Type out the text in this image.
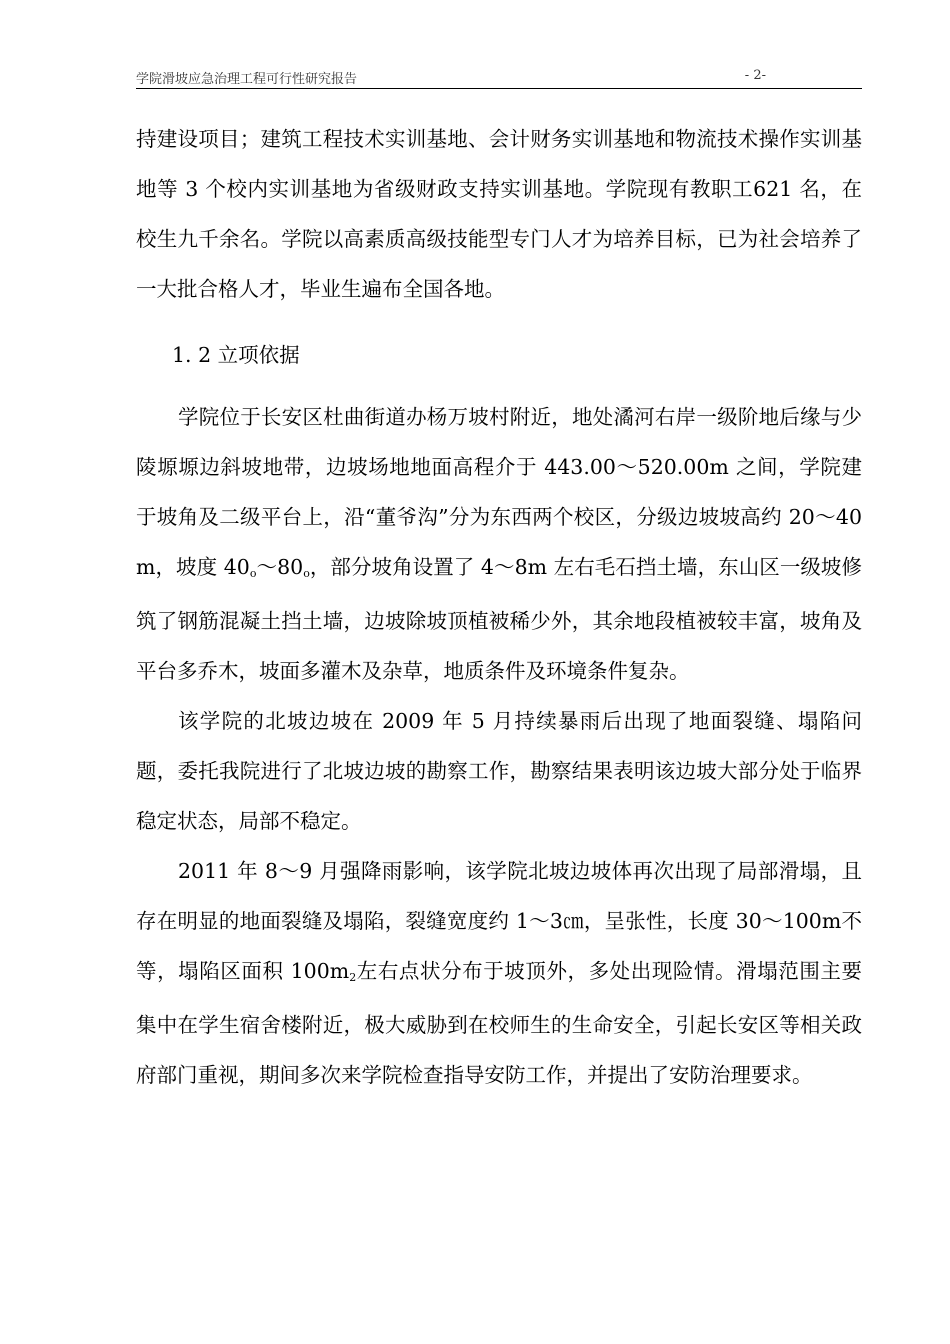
学院滑坡应急治理工程可行性研究报告	- 2-

持建设项目；建筑工程技术实训基地、会计财务实训基地和物流技术操作实训基地等 3 个校内实训基地为省级财政支持实训基地。学院现有教职工621 名，在校生九千余名。学院以高素质高级技能型专门人才为培养目标，已为社会培养了一大批合格人才，毕业生遍布全国各地。

1. 2 立项依据

学院位于长安区杜曲街道办杨万坡村附近，地处潏河右岸一级阶地后缘与少陵塬塬边斜坡地带，边坡场地地面高程介于 443.00～520.00m 之间，学院建于坡角及二级平台上，沿“董爷沟”分为东西两个校区，分级边坡坡高约 20～40m，坡度 $40_o\sim 80_o$，部分坡角设置了 4～8m 左右毛石挡土墙，东山区一级坡修筑了钢筋混凝土挡土墙，边坡除坡顶植被稀少外，其余地段植被较丰富，坡角及平台多乔木，坡面多灌木及杂草，地质条件及环境条件复杂。

该学院的北坡边坡在 2009 年 5 月持续暴雨后出现了地面裂缝、塌陷问题，委托我院进行了北坡边坡的勘察工作，勘察结果表明该边坡大部分处于临界稳定状态，局部不稳定。

2011 年 8～9 月强降雨影响，该学院北坡边坡体再次出现了局部滑塌，且存在明显的地面裂缝及塌陷，裂缝宽度约 1～3㎝，呈张性，长度 30～100m不等，塌陷区面积 $100m_2$左右点状分布于坡顶外，多处出现险情。滑塌范围主要集中在学生宿舍楼附近，极大威胁到在校师生的生命安全，引起长安区等相关政府部门重视，期间多次来学院检查指导安防工作，并提出了安防治理要求。
